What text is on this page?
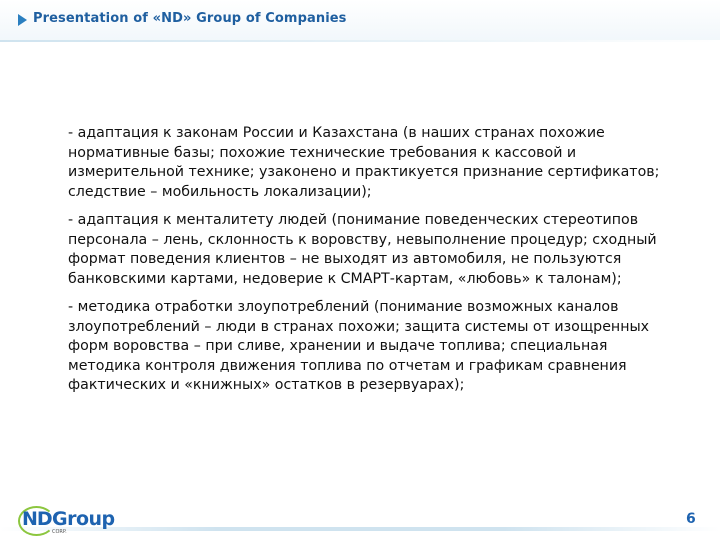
Presentation of «ND» Group of Companies

- адаптация к законам России и Казахстана (в наших странах похожие нормативные базы; похожие технические требования к кассовой и измерительной технике; узаконено и практикуется признание сертификатов; следствие – мобильность локализации);

- адаптация к менталитету людей (понимание поведенческих стереотипов персонала – лень, склонность к воровству, невыполнение процедур; сходный формат поведения клиентов – не выходят из автомобиля, не пользуются банковскими картами, недоверие к СМАРТ-картам, «любовь» к талонам);

- методика отработки злоупотреблений (понимание возможных каналов злоупотреблений – люди в странах похожи; защита системы от изощренных форм воровства – при сливе, хранении и выдаче топлива; специальная методика контроля движения топлива по отчетам и графикам сравнения фактических и «книжных» остатков в резервуарах);

ND Group
CORP.
6
